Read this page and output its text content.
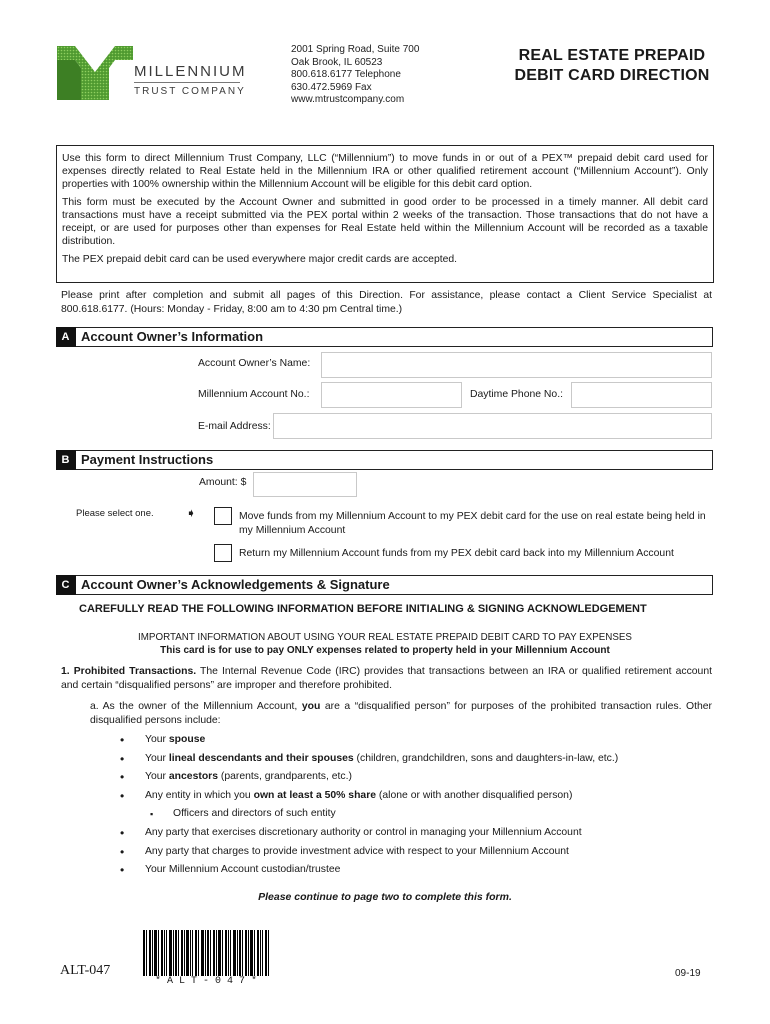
MILLENNIUM
TRUST COMPANY
2001 Spring Road, Suite 700
Oak Brook, IL 60523
800.618.6177 Telephone
630.472.5969 Fax
www.mtrustcompany.com
REAL ESTATE PREPAID
DEBIT CARD DIRECTION

Use this form to direct Millennium Trust Company, LLC (“Millennium”) to move funds in or out of a PEX™ prepaid debit card used for expenses directly related to Real Estate held in the Millennium IRA or other qualified retirement account (“Millennium Account”). Only properties with 100% ownership within the Millennium Account will be eligible for this debit card option.

This form must be executed by the Account Owner and submitted in good order to be processed in a timely manner. All debit card transactions must have a receipt submitted via the PEX portal within 2 weeks of the transaction. Those transactions that do not have a receipt, or are used for purposes other than expenses for Real Estate held within the Millennium Account will be recorded as a taxable distribution.

The PEX prepaid debit card can be used everywhere major credit cards are accepted.

Please print after completion and submit all pages of this Direction. For assistance, please contact a Client Service Specialist at 800.618.6177. (Hours: Monday - Friday, 8:00 am to 4:30 pm Central time.)
A Account Owner’s Information
Account Owner’s Name:
Millennium Account No.:	Daytime Phone No.:
E-mail Address:
B Payment Instructions
Amount: $
Please select one.	➧	Move funds from my Millennium Account to my PEX debit card for the use on real estate being held in my Millennium Account
Return my Millennium Account funds from my PEX debit card back into my Millennium Account
C Account Owner’s Acknowledgements & Signature
CAREFULLY READ THE FOLLOWING INFORMATION BEFORE INITIALING & SIGNING ACKNOWLEDGEMENT
IMPORTANT INFORMATION ABOUT USING YOUR REAL ESTATE PREPAID DEBIT CARD TO PAY EXPENSES
This card is for use to pay ONLY expenses related to property held in your Millennium Account
1. Prohibited Transactions. The Internal Revenue Code (IRC) provides that transactions between an IRA or qualified retirement account and certain “disqualified persons” are improper and therefore prohibited.
a. As the owner of the Millennium Account, you are a “disqualified person” for purposes of the prohibited transaction rules. Other disqualified persons include:
• Your spouse
• Your lineal descendants and their spouses (children, grandchildren, sons and daughters-in-law, etc.)
• Your ancestors (parents, grandparents, etc.)
• Any entity in which you own at least a 50% share (alone or with another disqualified person)
▪ Officers and directors of such entity
• Any party that exercises discretionary authority or control in managing your Millennium Account
• Any party that charges to provide investment advice with respect to your Millennium Account
• Your Millennium Account custodian/trustee
Please continue to page two to complete this form.
ALT-047
* A L T - 0 4 7 *
09-19
